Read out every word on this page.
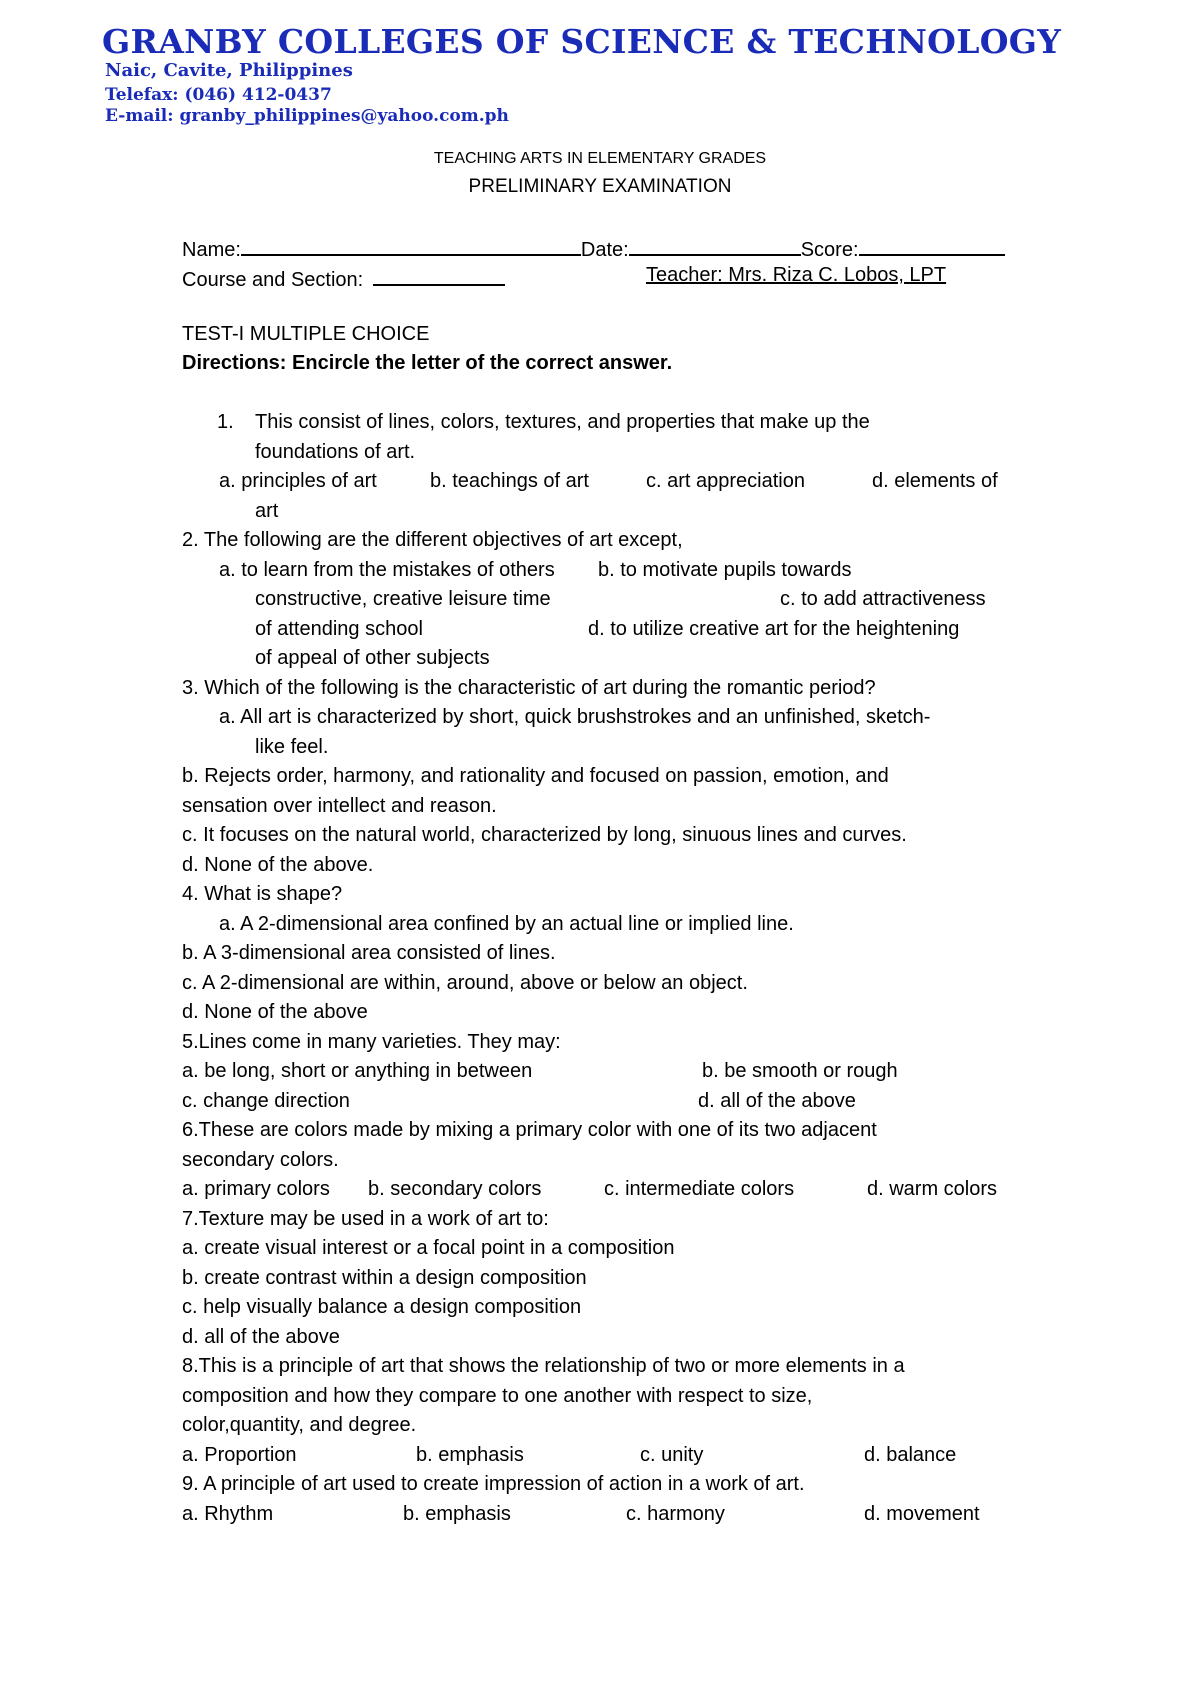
GRANBY COLLEGES OF SCIENCE & TECHNOLOGY
Naic, Cavite, Philippines
Telefax: (046) 412-0437
E-mail: granby_philippines@yahoo.com.ph
TEACHING ARTS IN ELEMENTARY GRADES
PRELIMINARY EXAMINATION
Name:	Date:	Score:
Course and Section:	Teacher: Mrs. Riza C. Lobos, LPT
TEST-I MULTIPLE CHOICE
Directions: Encircle the letter of the correct answer.
1. This consist of lines, colors, textures, and properties that make up the
foundations of art.
a. principles of art	b. teachings of art	c. art appreciation	d. elements of
art
2. The following are the different objectives of art except,
a. to learn from the mistakes of others b. to motivate pupils towards
constructive, creative leisure time	c. to add attractiveness
of attending school	d. to utilize creative art for the heightening
of appeal of other subjects
3. Which of the following is the characteristic of art during the romantic period?
a. All art is characterized by short, quick brushstrokes and an unfinished, sketch-
like feel.
b. Rejects order, harmony, and rationality and focused on passion, emotion, and
sensation over intellect and reason.
c. It focuses on the natural world, characterized by long, sinuous lines and curves.
d. None of the above.
4. What is shape?
a. A 2-dimensional area confined by an actual line or implied line.
b. A 3-dimensional area consisted of lines.
c. A 2-dimensional are within, around, above or below an object.
d. None of the above
5.Lines come in many varieties. They may:
a. be long, short or anything in between	b. be smooth or rough
c. change direction	d. all of the above
6.These are colors made by mixing a primary color with one of its two adjacent
secondary colors.
a. primary colors b. secondary colors	c. intermediate colors	d. warm colors
7.Texture may be used in a work of art to:
a. create visual interest or a focal point in a composition
b. create contrast within a design composition
c. help visually balance a design composition
d. all of the above
8.This is a principle of art that shows the relationship of two or more elements in a
composition and how they compare to one another with respect to size,
color,quantity, and degree.
a. Proportion	b. emphasis	c. unity	d. balance
9. A principle of art used to create impression of action in a work of art.
a. Rhythm	b. emphasis	c. harmony	d. movement
